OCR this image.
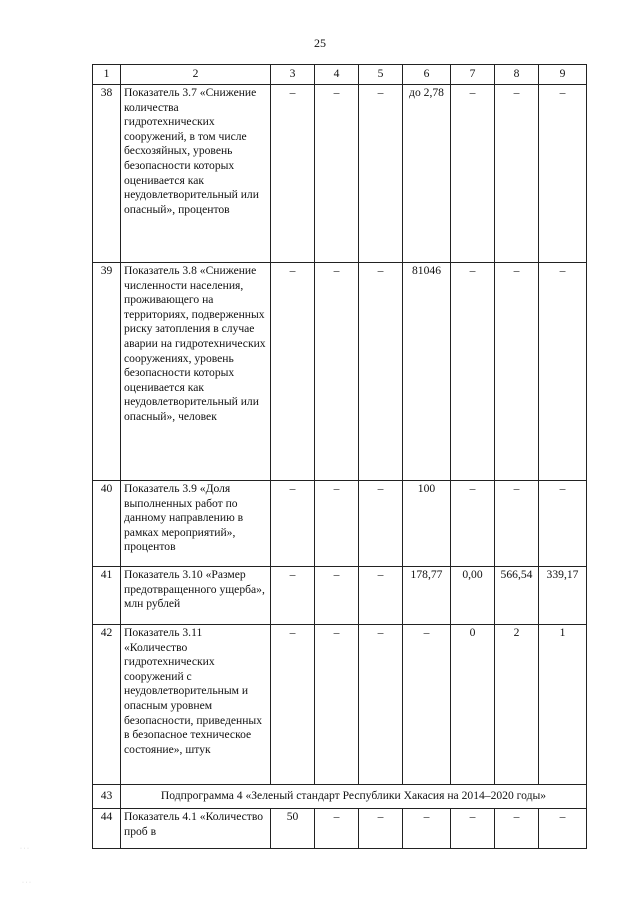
25
1	2	3	4	5	6	7	8	9
38	Показатель 3.7 «Снижение количества гидротехнических сооружений, в том числе бесхозяйных, уровень безопасности которых оценивается как неудовлетворительный или опасный», процентов	–	–	–	до 2,78	–	–	–
39	Показатель 3.8 «Снижение численности населения, проживающего на территориях, подверженных риску затопления в случае аварии на гидротехнических сооружениях, уровень безопасности которых оценивается как неудовлетворительный или опасный», человек	–	–	–	81046	–	–	–
40	Показатель 3.9 «Доля выполненных работ по данному направлению в рамках мероприятий», процентов	–	–	–	100	–	–	–
41	Показатель 3.10 «Размер предотвращенного ущерба», млн рублей	–	–	–	178,77	0,00	566,54	339,17
42	Показатель 3.11 «Количество гидротехнических сооружений с неудовлетворительным и опасным уровнем безопасности, приведенных в безопасное техническое состояние», штук	–	–	–	–	0	2	1
43	Подпрограмма 4 «Зеленый стандарт Республики Хакасия на 2014–2020 годы»							
44	Показатель 4.1 «Количество проб в	50	–	–	–	–	–	–
· · ·
· · ·
